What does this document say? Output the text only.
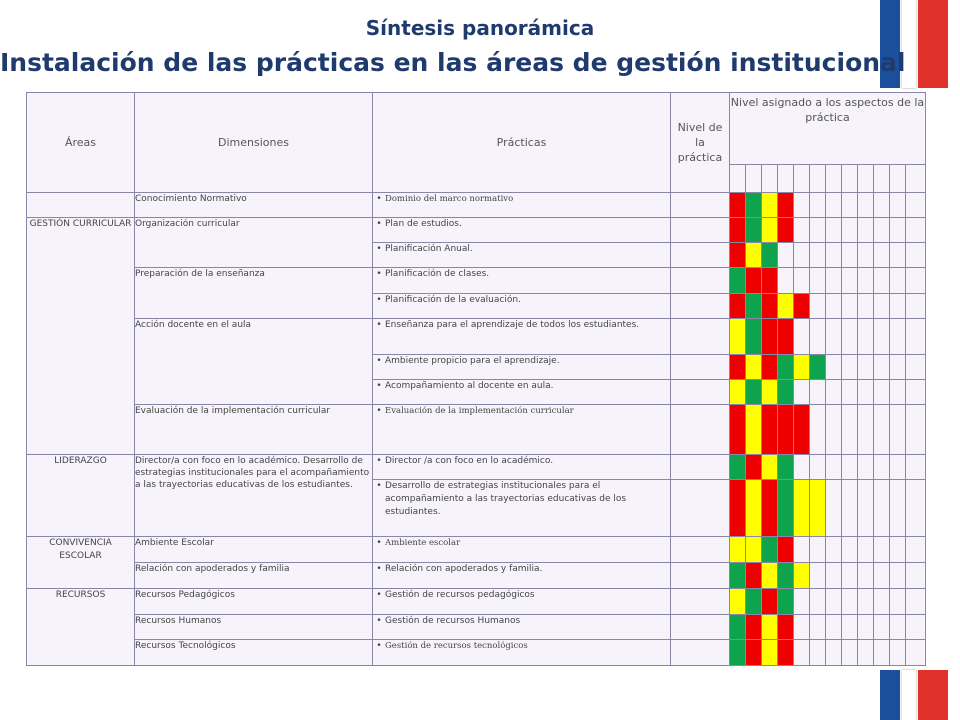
Síntesis panorámica
Instalación de las prácticas en las áreas de gestión institucional
Áreas	Dimensiones	Prácticas	Nivel de la práctica	Nivel asignado a los aspectos de la práctica											

	Conocimiento Normativo	• Dominio del marco normativo													
GESTIÓN CURRICULAR	Organización curricular	• Plan de estudios.													
		• Planificación Anual.													
	Preparación de la enseñanza	• Planificación de clases.													
		• Planificación de la evaluación.													
	Acción docente en el aula	• Enseñanza para el aprendizaje de todos los estudiantes.													
		• Ambiente propicio para el aprendizaje.													
		• Acompañamiento al docente en aula.													
	Evaluación de la implementación curricular	• Evaluación de la implementación curricular													
LIDERAZGO	Director/a con foco en lo académico. Desarrollo de estrategias institucionales para el acompañamiento a las trayectorias educativas de los estudiantes.	• Director /a con foco en lo académico.													
		• Desarrollo de estrategias institucionales para el acompañamiento a las trayectorias educativas de los estudiantes.													
CONVIVENCIA ESCOLAR	Ambiente Escolar	• Ambiente escolar													
	Relación con apoderados y familia	• Relación con apoderados y familia.													
RECURSOS	Recursos Pedagógicos	• Gestión de recursos pedagógicos													
	Recursos Humanos	• Gestión de recursos Humanos													
	Recursos Tecnológicos	• Gestión de recursos tecnológicos													
